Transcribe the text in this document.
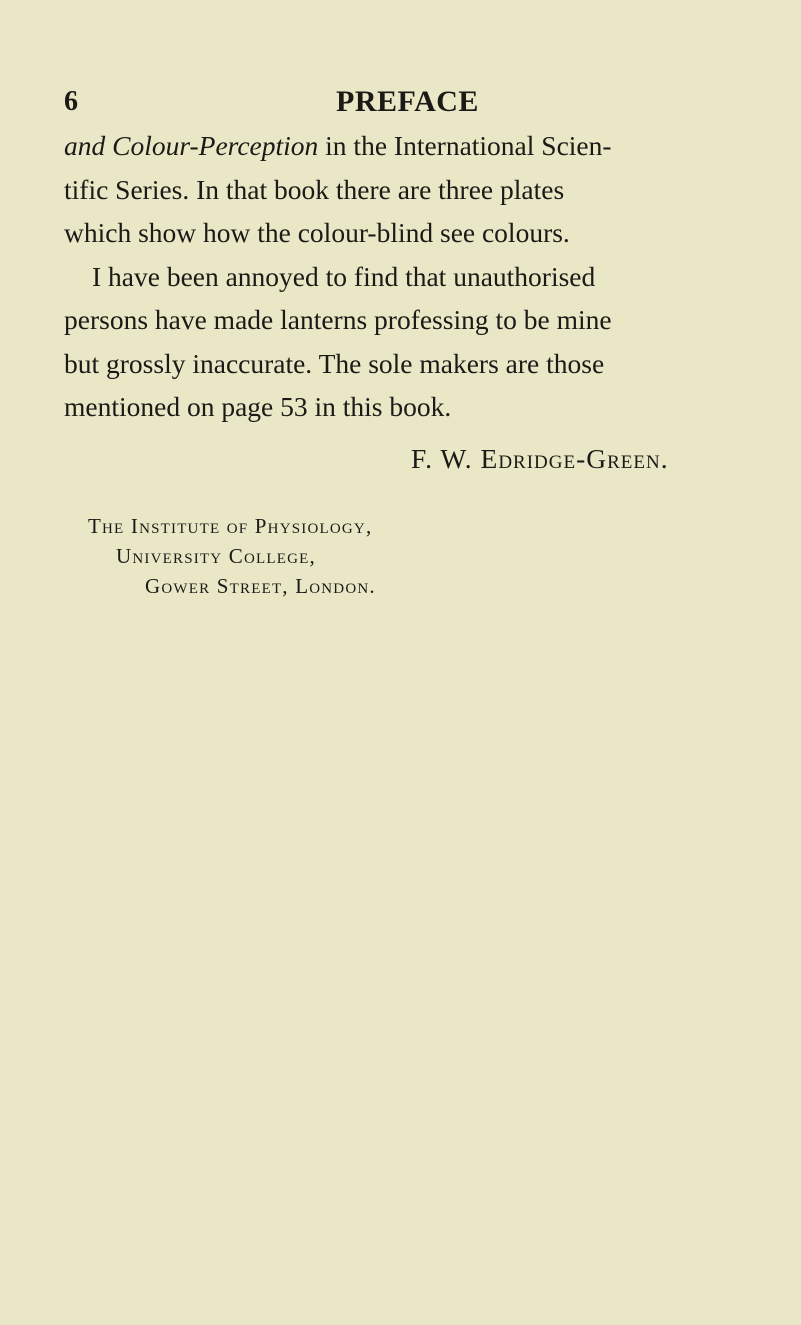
6	PREFACE
and Colour-Perception in the International Scien-
tific Series. In that book there are three plates
which show how the colour-blind see colours.
I have been annoyed to find that unauthorised
persons have made lanterns professing to be mine
but grossly inaccurate. The sole makers are those
mentioned on page 53 in this book.
F. W. Edridge-Green.
The Institute of Physiology,
University College,
Gower Street, London.
